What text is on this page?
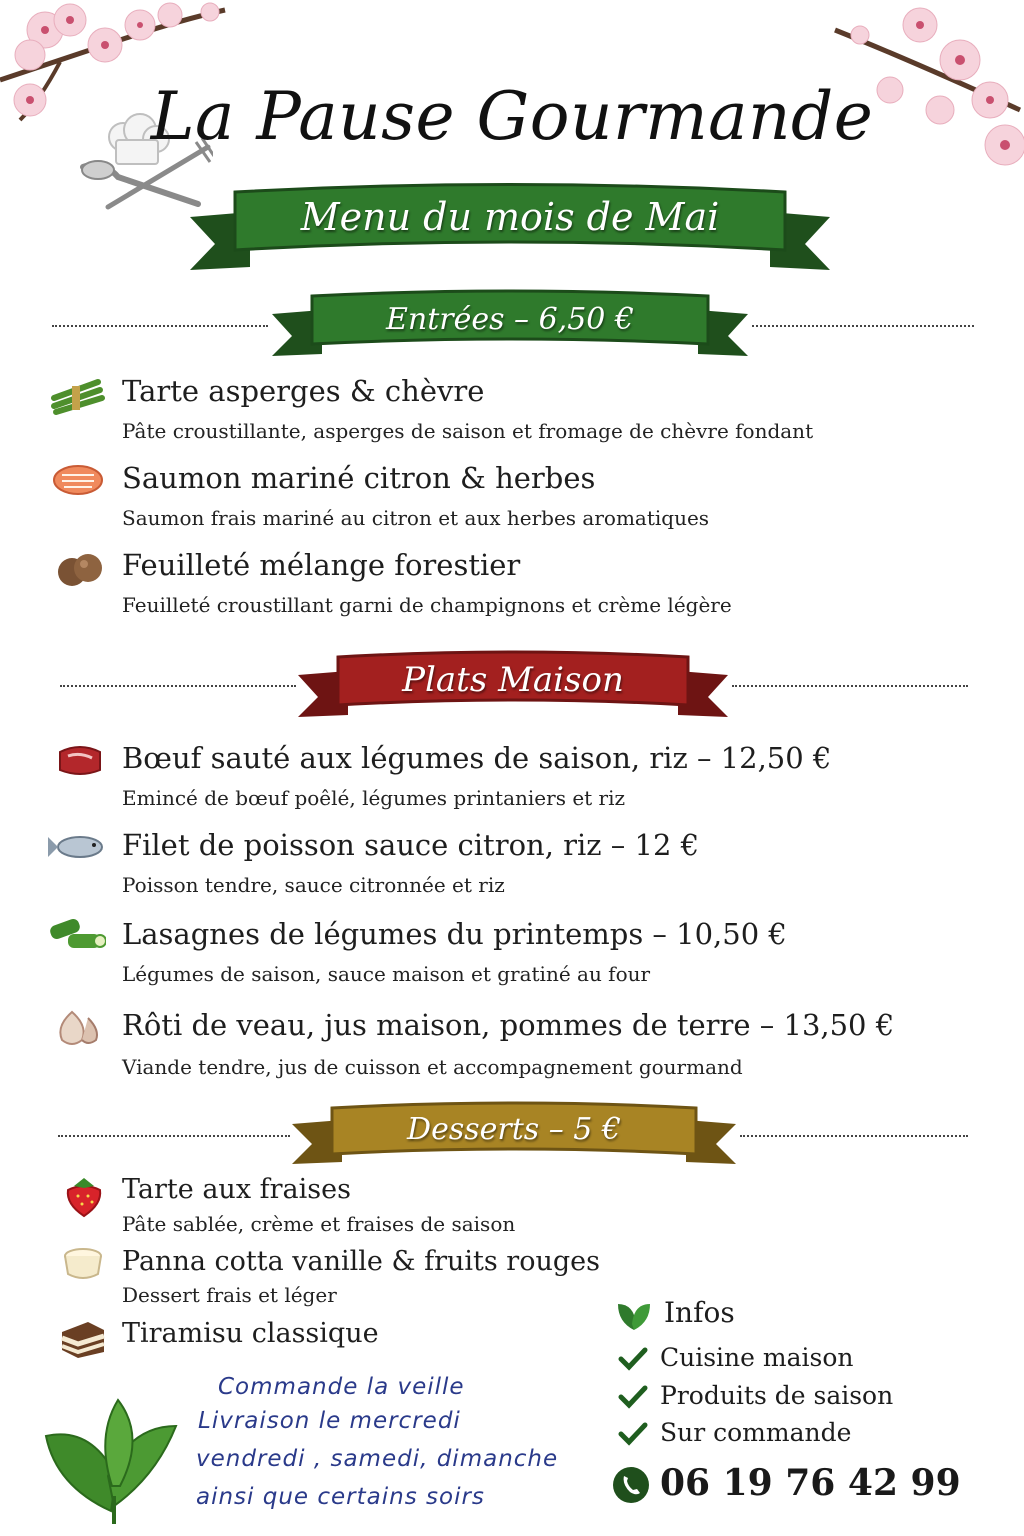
La Pause Gourmande
Menu du mois de Mai
Entrées – 6,50 €
Tarte asperges & chèvre
Pâte croustillante, asperges de saison et fromage de chèvre fondant
Saumon mariné citron & herbes
Saumon frais mariné au citron et aux herbes aromatiques
Feuilleté mélange forestier
Feuilleté croustillant garni de champignons et crème légère
Plats Maison
Bœuf sauté aux légumes de saison, riz – 12,50 €
Emincé de bœuf poêlé, légumes printaniers et riz
Filet de poisson sauce citron, riz – 12 €
Poisson tendre, sauce citronnée et riz
Lasagnes de légumes du printemps – 10,50 €
Légumes de saison, sauce maison et gratiné au four
Rôti de veau, jus maison, pommes de terre – 13,50 €
Viande tendre, jus de cuisson et accompagnement gourmand
Desserts – 5 €
Tarte aux fraises
Pâte sablée, crème et fraises de saison
Panna cotta vanille & fruits rouges
Dessert frais et léger
Tiramisu classique
Commande la veille
Livraison le mercredi
vendredi , samedi, dimanche
ainsi que certains soirs
Infos
Cuisine maison
Produits de saison
Sur commande
06 19 76 42 99
